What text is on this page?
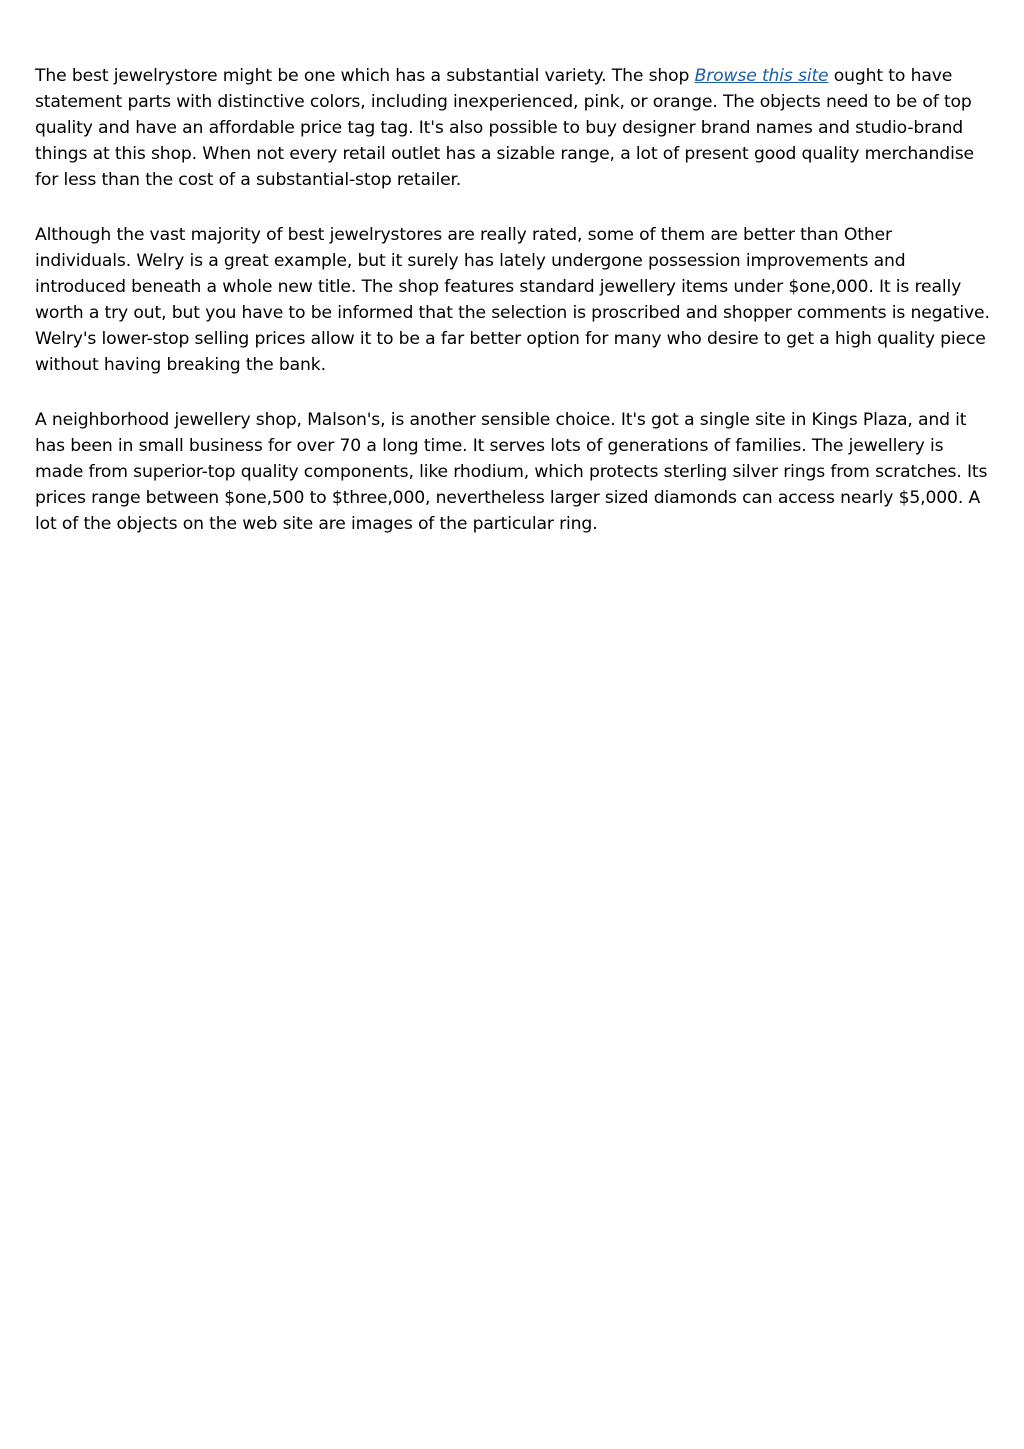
The best jewelrystore might be one which has a substantial variety. The shop Browse this site ought to have statement parts with distinctive colors, including inexperienced, pink, or orange. The objects need to be of top quality and have an affordable price tag tag. It's also possible to buy designer brand names and studio-brand things at this shop. When not every retail outlet has a sizable range, a lot of present good quality merchandise for less than the cost of a substantial-stop retailer.

Although the vast majority of best jewelrystores are really rated, some of them are better than Other individuals. Welry is a great example, but it surely has lately undergone possession improvements and introduced beneath a whole new title. The shop features standard jewellery items under $one,000. It is really worth a try out, but you have to be informed that the selection is proscribed and shopper comments is negative. Welry's lower-stop selling prices allow it to be a far better option for many who desire to get a high quality piece without having breaking the bank.

A neighborhood jewellery shop, Malson's, is another sensible choice. It's got a single site in Kings Plaza, and it has been in small business for over 70 a long time. It serves lots of generations of families. The jewellery is made from superior-top quality components, like rhodium, which protects sterling silver rings from scratches. Its prices range between $one,500 to $three,000, nevertheless larger sized diamonds can access nearly $5,000. A lot of the objects on the web site are images of the particular ring.
